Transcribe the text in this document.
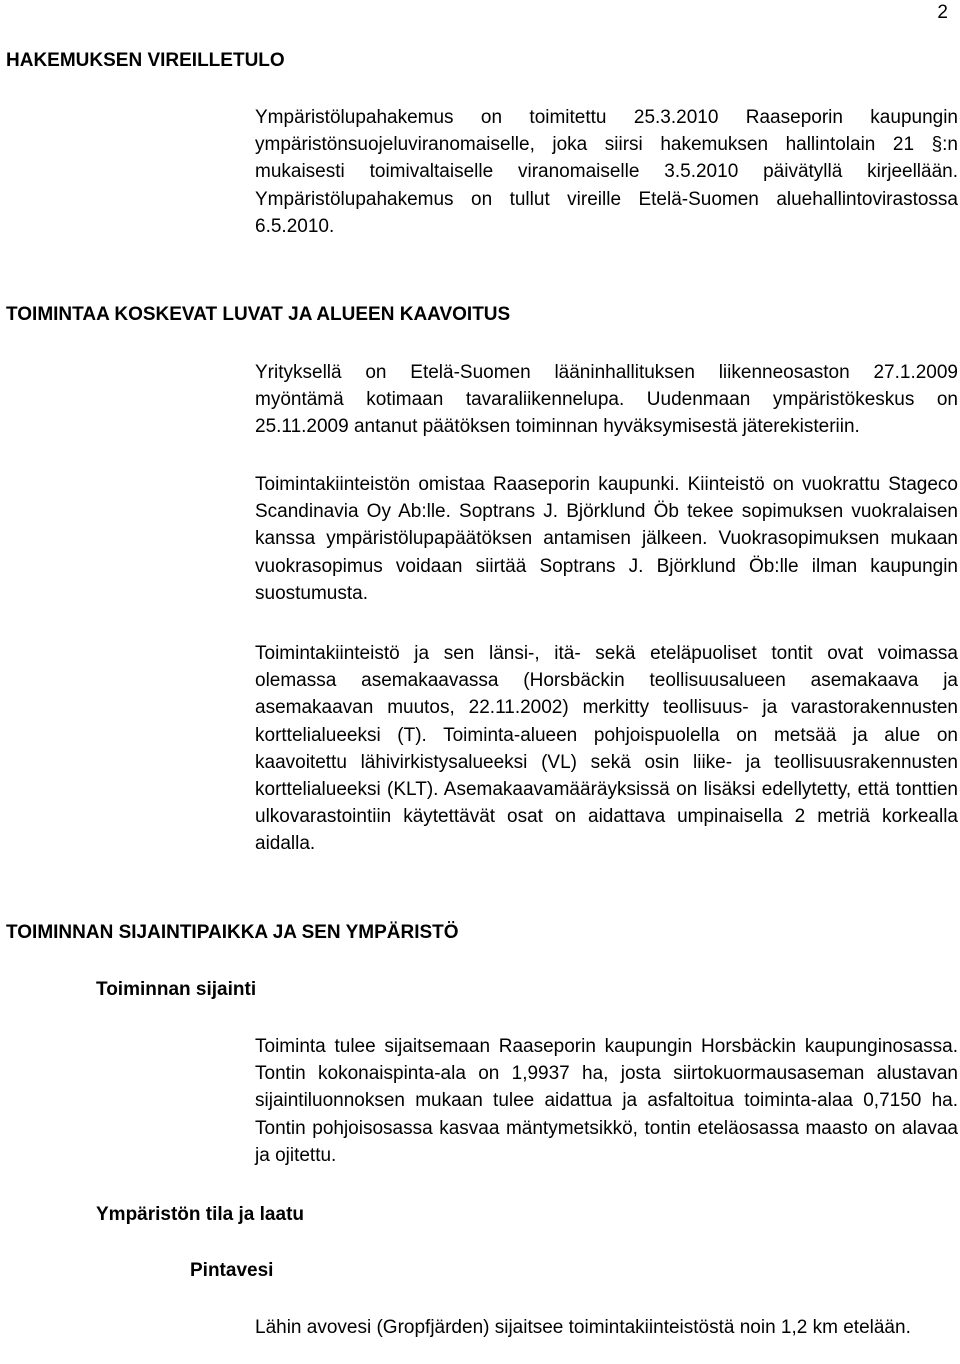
2
HAKEMUKSEN VIREILLETULO

Ympäristölupahakemus on toimitettu 25.3.2010 Raaseporin kaupungin ympäristönsuojeluviranomaiselle, joka siirsi hakemuksen hallintolain 21 §:n mukaisesti toimivaltaiselle viranomaiselle 3.5.2010 päivätyllä kirjeellään. Ympäristölupahakemus on tullut vireille Etelä-Suomen aluehallintovirastossa 6.5.2010.

TOIMINTAA KOSKEVAT LUVAT JA ALUEEN KAAVOITUS

Yrityksellä on Etelä-Suomen lääninhallituksen liikenneosaston 27.1.2009 myöntämä kotimaan tavaraliikennelupa. Uudenmaan ympäristökeskus on 25.11.2009 antanut päätöksen toiminnan hyväksymisestä jäterekisteriin.

Toimintakiinteistön omistaa Raaseporin kaupunki. Kiinteistö on vuokrattu Stageco Scandinavia Oy Ab:lle. Soptrans J. Björklund Öb tekee sopimuksen vuokralaisen kanssa ympäristölupapäätöksen antamisen jälkeen. Vuokrasopimuksen mukaan vuokrasopimus voidaan siirtää Soptrans J. Björklund Öb:lle ilman kaupungin suostumusta.

Toimintakiinteistö ja sen länsi-, itä- sekä eteläpuoliset tontit ovat voimassa olemassa asemakaavassa (Horsbäckin teollisuusalueen asemakaava ja asemakaavan muutos, 22.11.2002) merkitty teollisuus- ja varastorakennusten korttelialueeksi (T). Toiminta-alueen pohjoispuolella on metsää ja alue on kaavoitettu lähivirkistysalueeksi (VL) sekä osin liike- ja teollisuusrakennusten korttelialueeksi (KLT). Asemakaavamääräyksissä on lisäksi edellytetty, että tonttien ulkovarastointiin käytettävät osat on aidattava umpinaisella 2 metriä korkealla aidalla.

TOIMINNAN SIJAINTIPAIKKA JA SEN YMPÄRISTÖ
Toiminnan sijainti

Toiminta tulee sijaitsemaan Raaseporin kaupungin Horsbäckin kaupunginosassa. Tontin kokonaispinta-ala on 1,9937 ha, josta siirtokuormausaseman alustavan sijaintiluonnoksen mukaan tulee aidattua ja asfaltoitua toiminta-alaa 0,7150 ha. Tontin pohjoisosassa kasvaa mäntymetsikkö, tontin eteläosassa maasto on alavaa ja ojitettu.

Ympäristön tila ja laatu
Pintavesi

Lähin avovesi (Gropfjärden) sijaitsee toimintakiinteistöstä noin 1,2 km etelään.
